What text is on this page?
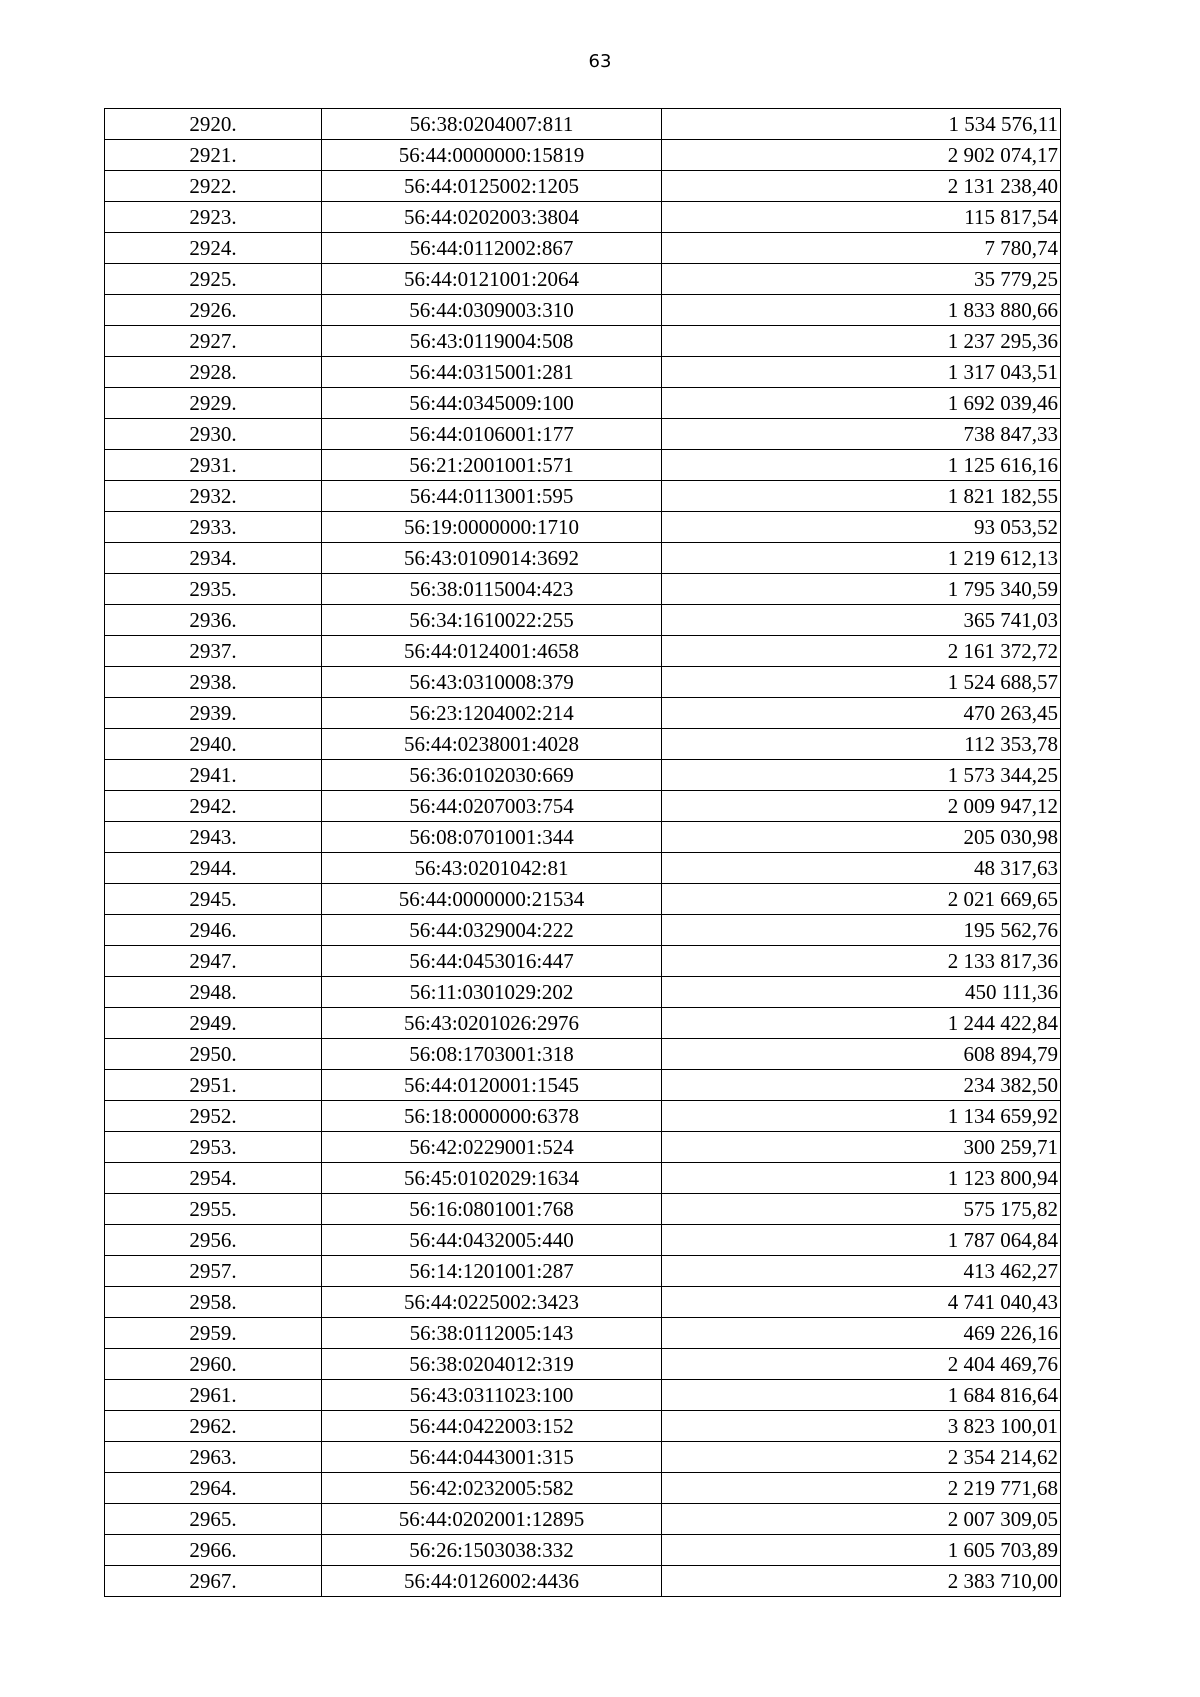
63
2920.	56:38:0204007:811	1 534 576,11
2921.	56:44:0000000:15819	2 902 074,17
2922.	56:44:0125002:1205	2 131 238,40
2923.	56:44:0202003:3804	115 817,54
2924.	56:44:0112002:867	7 780,74
2925.	56:44:0121001:2064	35 779,25
2926.	56:44:0309003:310	1 833 880,66
2927.	56:43:0119004:508	1 237 295,36
2928.	56:44:0315001:281	1 317 043,51
2929.	56:44:0345009:100	1 692 039,46
2930.	56:44:0106001:177	738 847,33
2931.	56:21:2001001:571	1 125 616,16
2932.	56:44:0113001:595	1 821 182,55
2933.	56:19:0000000:1710	93 053,52
2934.	56:43:0109014:3692	1 219 612,13
2935.	56:38:0115004:423	1 795 340,59
2936.	56:34:1610022:255	365 741,03
2937.	56:44:0124001:4658	2 161 372,72
2938.	56:43:0310008:379	1 524 688,57
2939.	56:23:1204002:214	470 263,45
2940.	56:44:0238001:4028	112 353,78
2941.	56:36:0102030:669	1 573 344,25
2942.	56:44:0207003:754	2 009 947,12
2943.	56:08:0701001:344	205 030,98
2944.	56:43:0201042:81	48 317,63
2945.	56:44:0000000:21534	2 021 669,65
2946.	56:44:0329004:222	195 562,76
2947.	56:44:0453016:447	2 133 817,36
2948.	56:11:0301029:202	450 111,36
2949.	56:43:0201026:2976	1 244 422,84
2950.	56:08:1703001:318	608 894,79
2951.	56:44:0120001:1545	234 382,50
2952.	56:18:0000000:6378	1 134 659,92
2953.	56:42:0229001:524	300 259,71
2954.	56:45:0102029:1634	1 123 800,94
2955.	56:16:0801001:768	575 175,82
2956.	56:44:0432005:440	1 787 064,84
2957.	56:14:1201001:287	413 462,27
2958.	56:44:0225002:3423	4 741 040,43
2959.	56:38:0112005:143	469 226,16
2960.	56:38:0204012:319	2 404 469,76
2961.	56:43:0311023:100	1 684 816,64
2962.	56:44:0422003:152	3 823 100,01
2963.	56:44:0443001:315	2 354 214,62
2964.	56:42:0232005:582	2 219 771,68
2965.	56:44:0202001:12895	2 007 309,05
2966.	56:26:1503038:332	1 605 703,89
2967.	56:44:0126002:4436	2 383 710,00
